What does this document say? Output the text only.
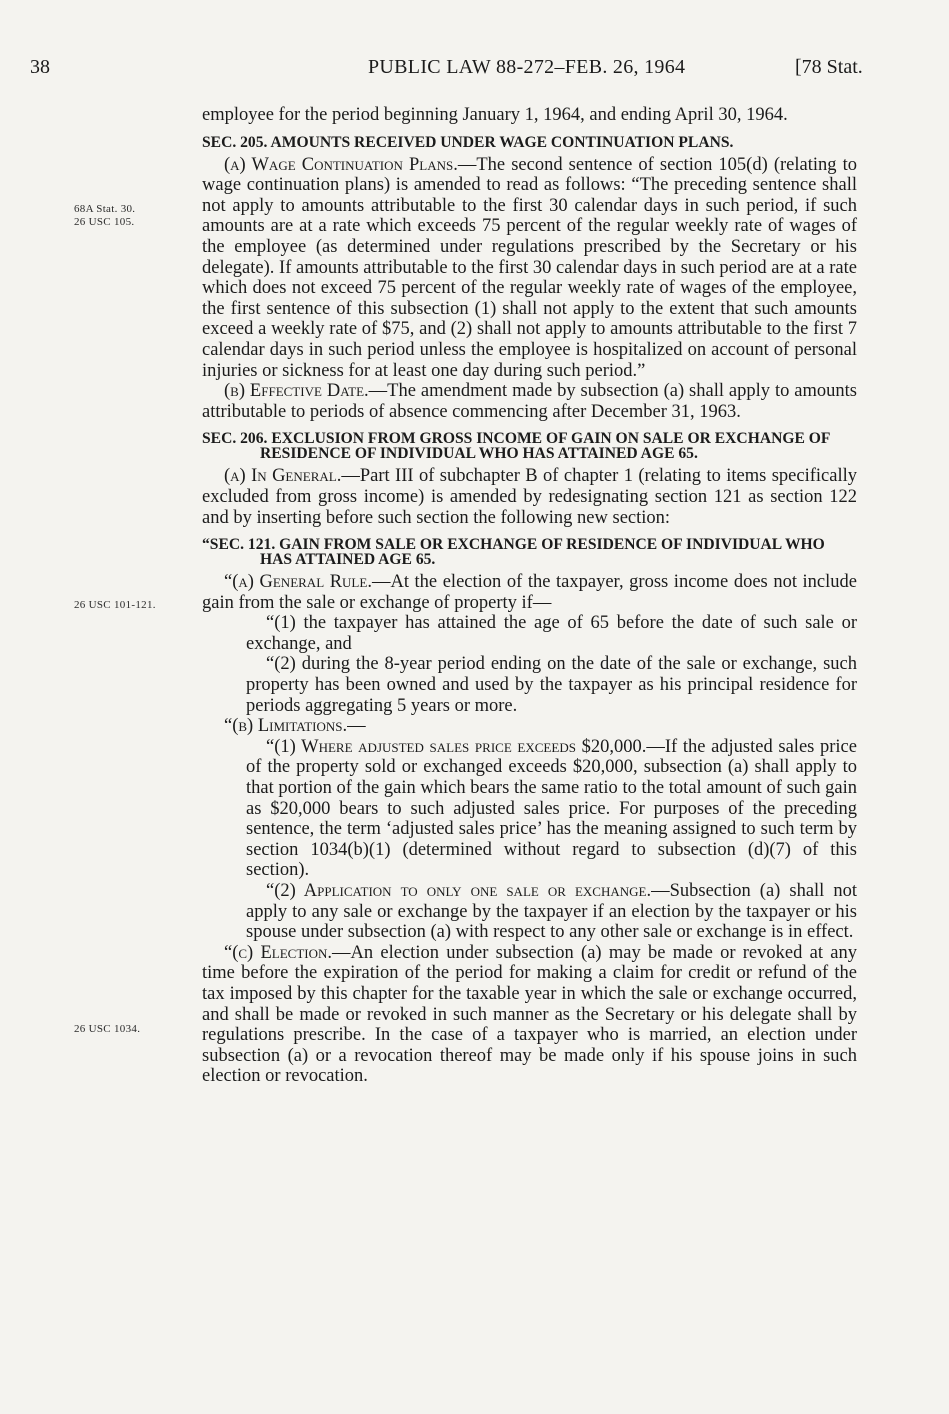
38	PUBLIC LAW 88-272–FEB. 26, 1964	[78 Stat.
68A Stat. 30.
26 USC 105.
26 USC 101-121.
26 USC 1034.

employee for the period beginning January 1, 1964, and ending April 30, 1964.

SEC. 205. AMOUNTS RECEIVED UNDER WAGE CONTINUATION PLANS.

(a) Wage Continuation Plans.—The second sentence of section 105(d) (relating to wage continuation plans) is amended to read as follows: “The preceding sentence shall not apply to amounts attributable to the first 30 calendar days in such period, if such amounts are at a rate which exceeds 75 percent of the regular weekly rate of wages of the employee (as determined under regulations prescribed by the Secretary or his delegate). If amounts attributable to the first 30 calendar days in such period are at a rate which does not exceed 75 percent of the regular weekly rate of wages of the employee, the first sentence of this subsection (1) shall not apply to the extent that such amounts exceed a weekly rate of $75, and (2) shall not apply to amounts attributable to the first 7 calendar days in such period unless the employee is hospitalized on account of personal injuries or sickness for at least one day during such period.”

(b) Effective Date.—The amendment made by subsection (a) shall apply to amounts attributable to periods of absence commencing after December 31, 1963.

SEC. 206. EXCLUSION FROM GROSS INCOME OF GAIN ON SALE OR EXCHANGE OF RESIDENCE OF INDIVIDUAL WHO HAS ATTAINED AGE 65.

(a) In General.—Part III of subchapter B of chapter 1 (relating to items specifically excluded from gross income) is amended by redesignating section 121 as section 122 and by inserting before such section the following new section:

“SEC. 121. GAIN FROM SALE OR EXCHANGE OF RESIDENCE OF INDIVIDUAL WHO HAS ATTAINED AGE 65.

“(a) General Rule.—At the election of the taxpayer, gross income does not include gain from the sale or exchange of property if—

“(1) the taxpayer has attained the age of 65 before the date of such sale or exchange, and

“(2) during the 8-year period ending on the date of the sale or exchange, such property has been owned and used by the taxpayer as his principal residence for periods aggregating 5 years or more.

“(b) Limitations.—

“(1) Where adjusted sales price exceeds $20,000.—If the adjusted sales price of the property sold or exchanged exceeds $20,000, subsection (a) shall apply to that portion of the gain which bears the same ratio to the total amount of such gain as $20,000 bears to such adjusted sales price. For purposes of the preceding sentence, the term ‘adjusted sales price’ has the meaning assigned to such term by section 1034(b)(1) (determined without regard to subsection (d)(7) of this section).

“(2) Application to only one sale or exchange.—Subsection (a) shall not apply to any sale or exchange by the taxpayer if an election by the taxpayer or his spouse under subsection (a) with respect to any other sale or exchange is in effect.

“(c) Election.—An election under subsection (a) may be made or revoked at any time before the expiration of the period for making a claim for credit or refund of the tax imposed by this chapter for the taxable year in which the sale or exchange occurred, and shall be made or revoked in such manner as the Secretary or his delegate shall by regulations prescribe. In the case of a taxpayer who is married, an election under subsection (a) or a revocation thereof may be made only if his spouse joins in such election or revocation.
